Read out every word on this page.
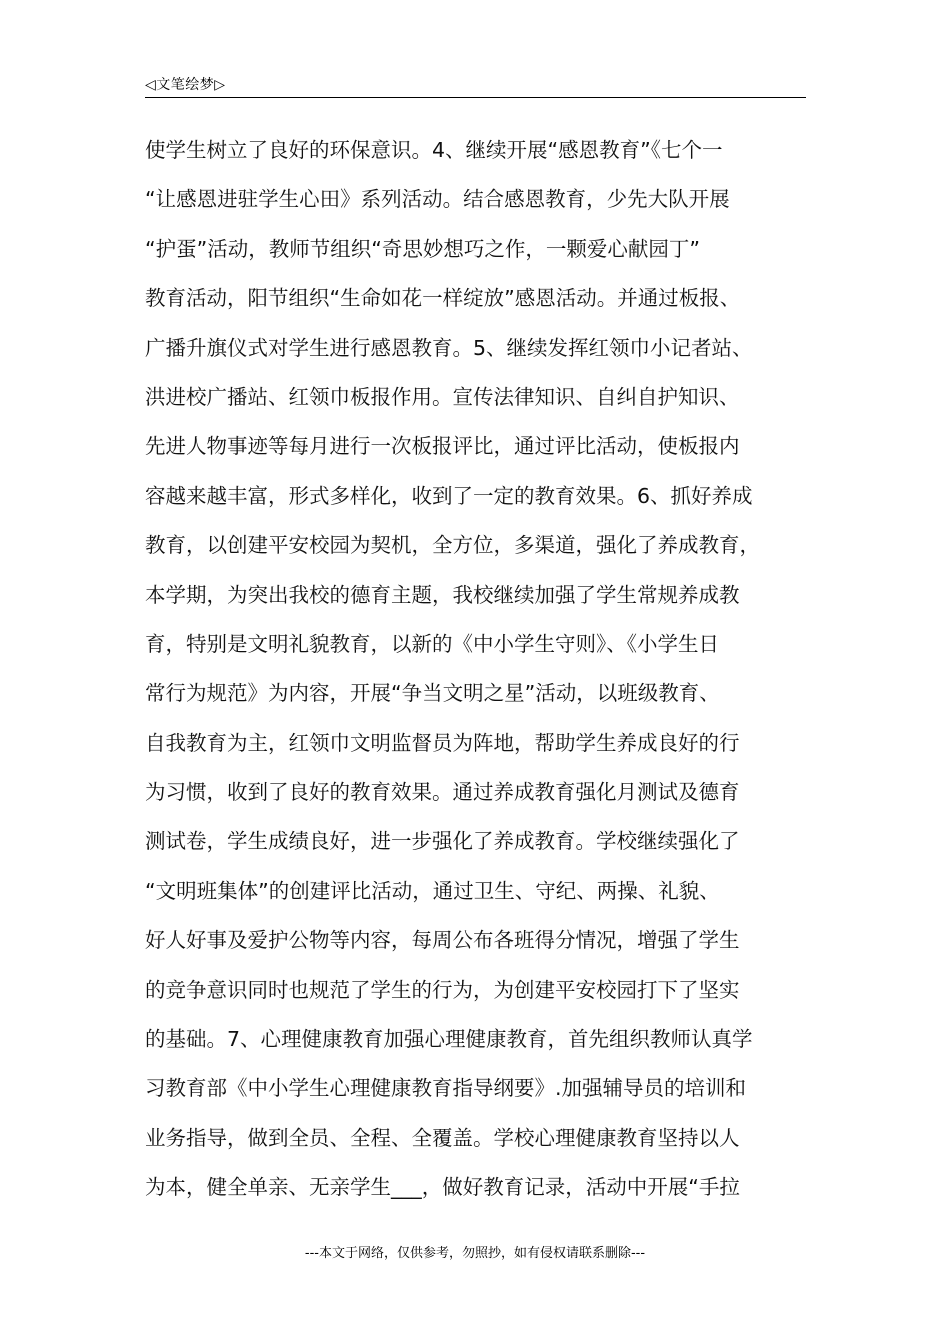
◁文笔绘梦▷
使学生树立了良好的环保意识。4、继续开展“感恩教育”《七个一
“让感恩进驻学生心田》系列活动。结合感恩教育，少先大队开展
“护蛋”活动，教师节组织“奇思妙想巧之作，一颗爱心献园丁”
教育活动，阳节组织“生命如花一样绽放”感恩活动。并通过板报、
广播升旗仪式对学生进行感恩教育。5、继续发挥红领巾小记者站、
洪进校广播站、红领巾板报作用。宣传法律知识、自纠自护知识、
先进人物事迹等每月进行一次板报评比，通过评比活动，使板报内
容越来越丰富，形式多样化，收到了一定的教育效果。6、抓好养成
教育，以创建平安校园为契机，全方位，多渠道，强化了养成教育，
本学期，为突出我校的德育主题，我校继续加强了学生常规养成教
育，特别是文明礼貌教育，以新的《中小学生守则》、《小学生日
常行为规范》为内容，开展“争当文明之星”活动，以班级教育、
自我教育为主，红领巾文明监督员为阵地，帮助学生养成良好的行
为习惯，收到了良好的教育效果。通过养成教育强化月测试及德育
测试卷，学生成绩良好，进一步强化了养成教育。学校继续强化了
“文明班集体”的创建评比活动，通过卫生、守纪、两操、礼貌、
好人好事及爱护公物等内容，每周公布各班得分情况，增强了学生
的竞争意识同时也规范了学生的行为，为创建平安校园打下了坚实
的基础。7、心理健康教育加强心理健康教育，首先组织教师认真学
习教育部《中小学生心理健康教育指导纲要》.加强辅导员的培训和
业务指导，做到全员、全程、全覆盖。学校心理健康教育坚持以人
为本，健全单亲、无亲学生___，做好教育记录，活动中开展“手拉
---本文于网络，仅供参考，勿照抄，如有侵权请联系删除---
